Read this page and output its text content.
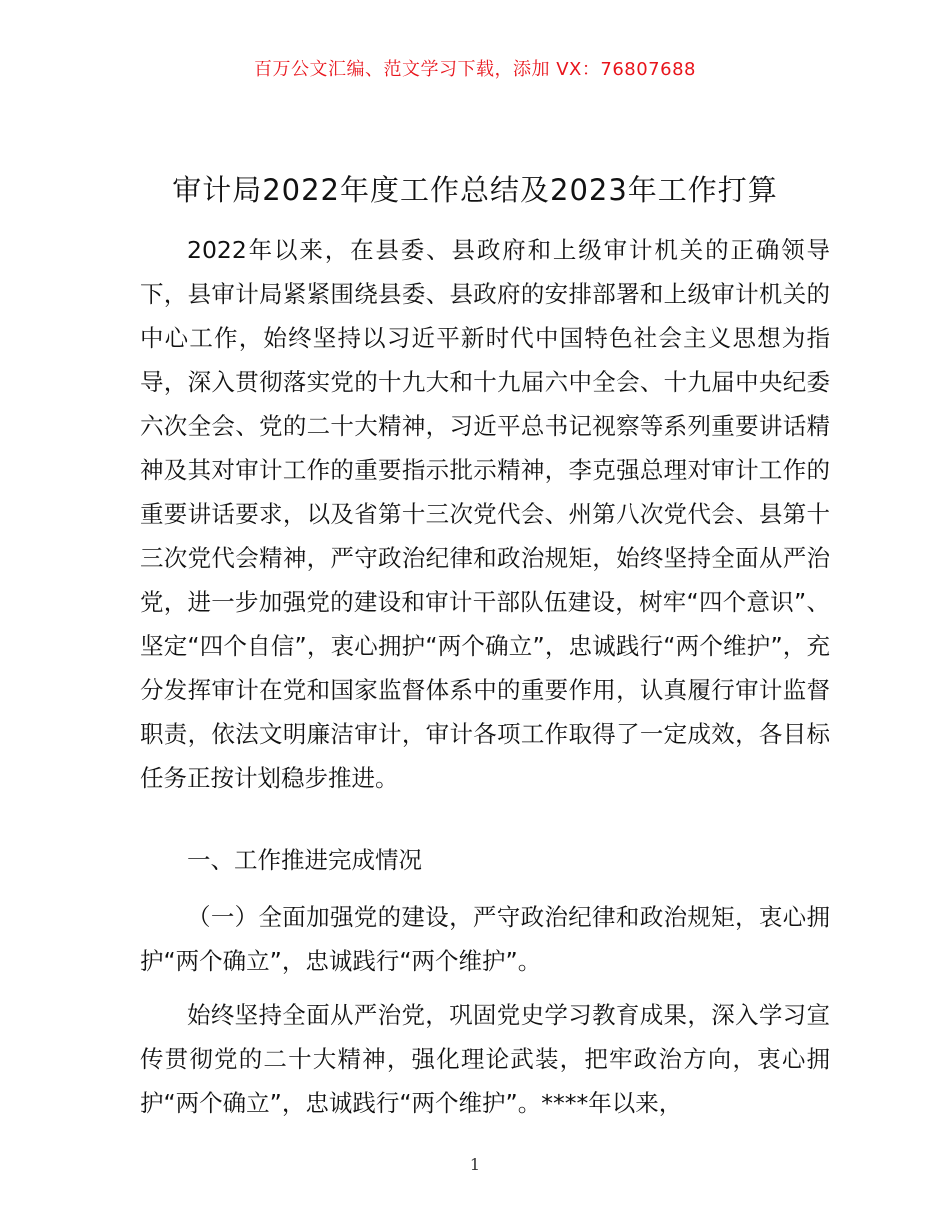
百万公文汇编、范文学习下载，添加 VX：76807688
审计局2022年度工作总结及2023年工作打算

2022年以来，在县委、县政府和上级审计机关的正确领导下，县审计局紧紧围绕县委、县政府的安排部署和上级审计机关的中心工作，始终坚持以习近平新时代中国特色社会主义思想为指导，深入贯彻落实党的十九大和十九届六中全会、十九届中央纪委六次全会、党的二十大精神，习近平总书记视察等系列重要讲话精神及其对审计工作的重要指示批示精神，李克强总理对审计工作的重要讲话要求，以及省第十三次党代会、州第八次党代会、县第十三次党代会精神，严守政治纪律和政治规矩，始终坚持全面从严治党，进一步加强党的建设和审计干部队伍建设，树牢“四个意识”、坚定“四个自信”，衷心拥护“两个确立”，忠诚践行“两个维护”，充分发挥审计在党和国家监督体系中的重要作用，认真履行审计监督职责，依法文明廉洁审计，审计各项工作取得了一定成效，各目标任务正按计划稳步推进。

一、工作推进完成情况

（一）全面加强党的建设，严守政治纪律和政治规矩，衷心拥护“两个确立”，忠诚践行“两个维护”。

始终坚持全面从严治党，巩固党史学习教育成果，深入学习宣传贯彻党的二十大精神，强化理论武装，把牢政治方向，衷心拥护“两个确立”，忠诚践行“两个维护”。****年以来，

1
